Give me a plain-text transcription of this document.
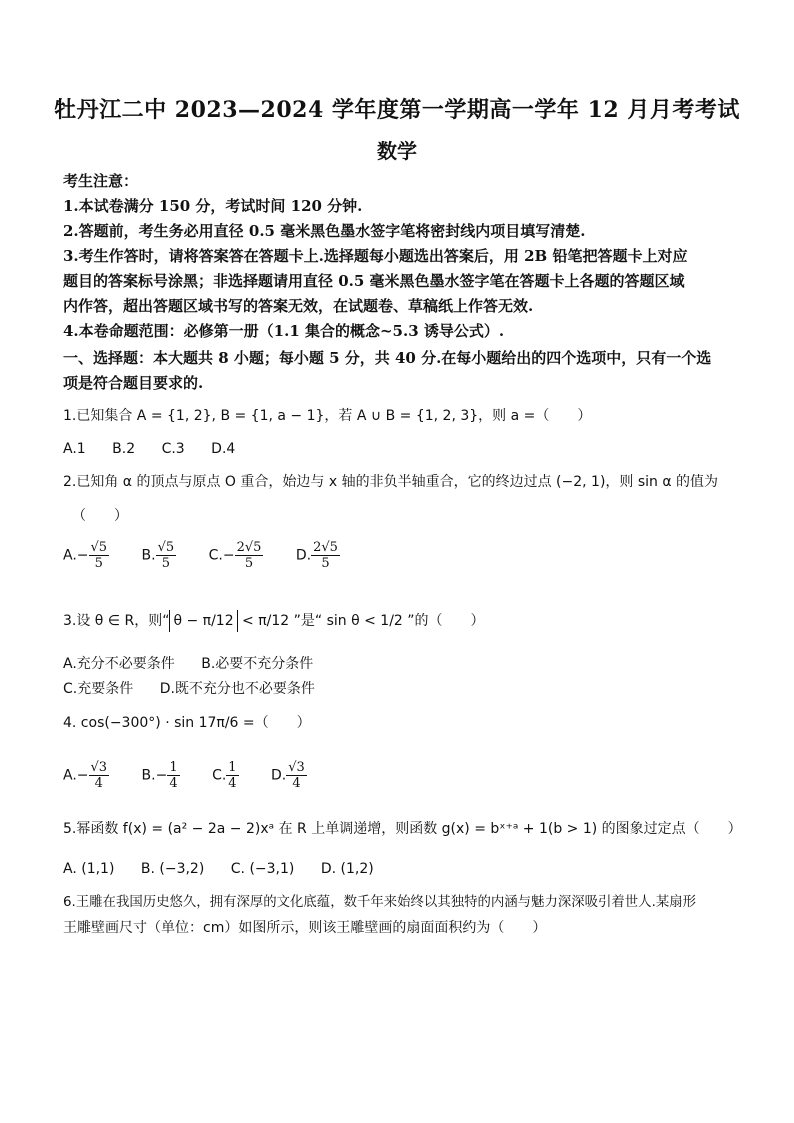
牡丹江二中 2023—2024 学年度第一学期高一学年 12 月月考考试
数学
考生注意：
1.本试卷满分 150 分，考试时间 120 分钟.
2.答题前，考生务必用直径 0.5 毫米黑色墨水签字笔将密封线内项目填写清楚.
3.考生作答时，请将答案答在答题卡上.选择题每小题选出答案后，用 2B 铅笔把答题卡上对应
题目的答案标号涂黑；非选择题请用直径 0.5 毫米黑色墨水签字笔在答题卡上各题的答题区域
内作答，超出答题区域书写的答案无效，在试题卷、草稿纸上作答无效.
4.本卷命题范围：必修第一册（1.1 集合的概念~5.3 诱导公式）.
一、选择题：本大题共 8 小题；每小题 5 分，共 40 分.在每小题给出的四个选项中，只有一个选
项是符合题目要求的.
1.已知集合 A = {1, 2}, B = {1, a − 1}，若 A ∪ B = {1, 2, 3}，则 a =（　　）
A.1 B.2 C.3 D.4
2.已知角 α 的顶点与原点 O 重合，始边与 x 轴的非负半轴重合，它的终边过点 (−2, 1)，则 sin α 的值为
（　　）
$A.- \frac{√5}{5} B$. $\frac{√5}{5} C.- \frac{2√5}{5} D$. $\frac{2√5}{5}$
3.设 θ ∈ R，则“ θ − π/12 < π/12 ”是“ sin θ < 1/2 ”的（　　）
A.充分不必要条件 B.必要不充分条件
C.充要条件 D.既不充分也不必要条件
4. cos(−300°) · sin 17π/6 =（　　）
$A.- \frac{√3}{4} B.- \frac{1}{4} C$. $\frac{1}{4} D$. $\frac{√3}{4}$
5.幂函数 f(x) = (a² − 2a − 2)xᵃ 在 R 上单调递增，则函数 g(x) = bˣ⁺ᵃ + 1(b > 1) 的图象过定点（　　）
A. (1,1) B. (−3,2) C. (−3,1) D. (1,2)
6.王雕在我国历史悠久，拥有深厚的文化底蕴，数千年来始终以其独特的内涵与魅力深深吸引着世人.某扇形
王雕壁画尺寸（单位：cm）如图所示，则该王雕壁画的扇面面积约为（　　）
